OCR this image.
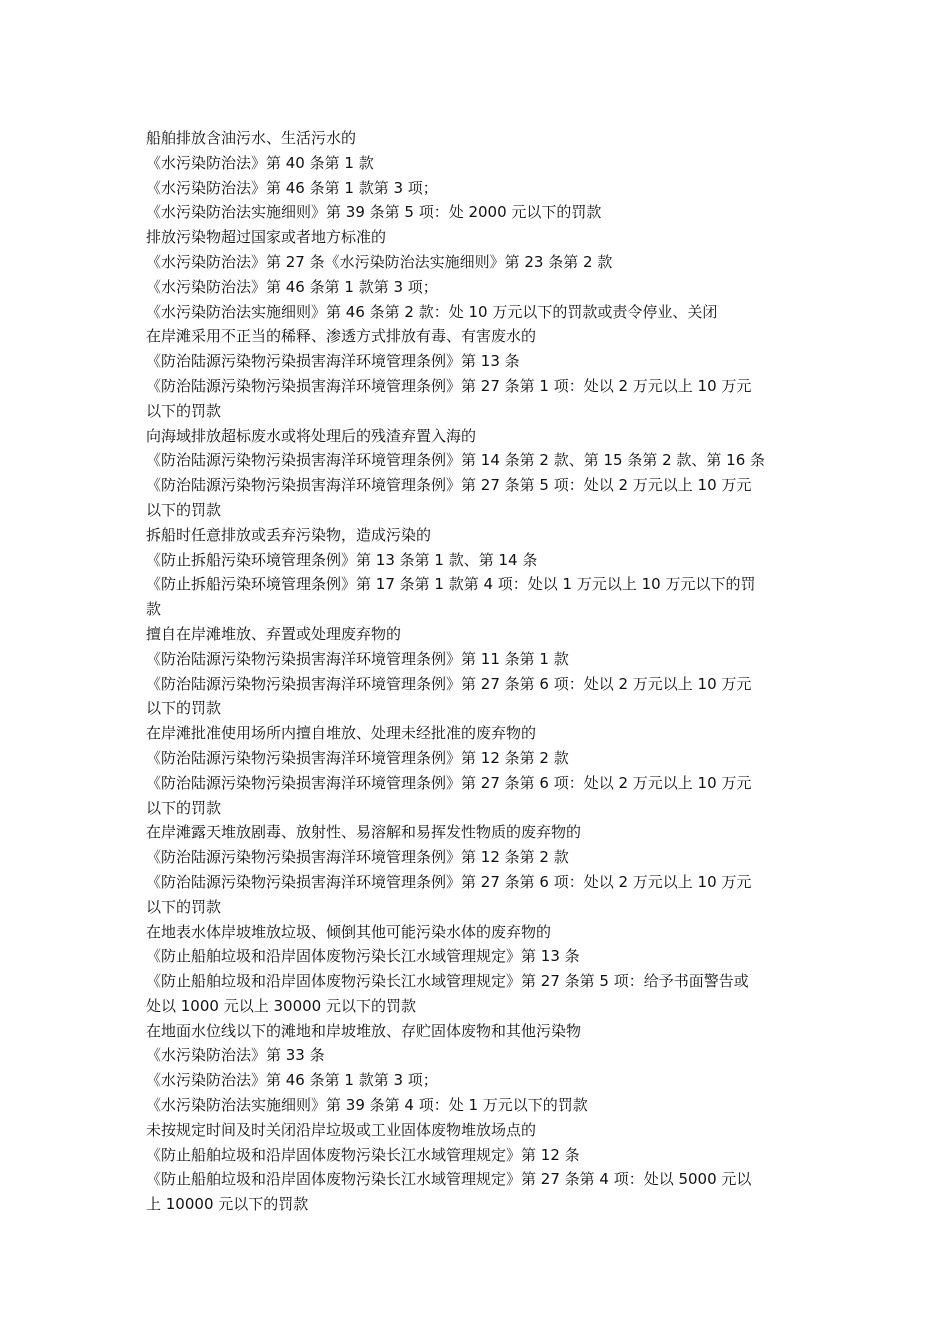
船舶排放含油污水、生活污水的
《水污染防治法》第 40 条第 1 款
《水污染防治法》第 46 条第 1 款第 3 项；
《水污染防治法实施细则》第 39 条第 5 项：处 2000 元以下的罚款
排放污染物超过国家或者地方标准的
《水污染防治法》第 27 条《水污染防治法实施细则》第 23 条第 2 款
《水污染防治法》第 46 条第 1 款第 3 项；
《水污染防治法实施细则》第 46 条第 2 款：处 10 万元以下的罚款或责令停业、关闭
在岸滩采用不正当的稀释、渗透方式排放有毒、有害废水的
《防治陆源污染物污染损害海洋环境管理条例》第 13 条
《防治陆源污染物污染损害海洋环境管理条例》第 27 条第 1 项：处以 2 万元以上 10 万元
以下的罚款
向海域排放超标废水或将处理后的残渣弃置入海的
《防治陆源污染物污染损害海洋环境管理条例》第 14 条第 2 款、第 15 条第 2 款、第 16 条
《防治陆源污染物污染损害海洋环境管理条例》第 27 条第 5 项：处以 2 万元以上 10 万元
以下的罚款
拆船时任意排放或丢弃污染物，造成污染的
《防止拆船污染环境管理条例》第 13 条第 1 款、第 14 条
《防止拆船污染环境管理条例》第 17 条第 1 款第 4 项：处以 1 万元以上 10 万元以下的罚
款
擅自在岸滩堆放、弃置或处理废弃物的
《防治陆源污染物污染损害海洋环境管理条例》第 11 条第 1 款
《防治陆源污染物污染损害海洋环境管理条例》第 27 条第 6 项：处以 2 万元以上 10 万元
以下的罚款
在岸滩批准使用场所内擅自堆放、处理未经批准的废弃物的
《防治陆源污染物污染损害海洋环境管理条例》第 12 条第 2 款
《防治陆源污染物污染损害海洋环境管理条例》第 27 条第 6 项：处以 2 万元以上 10 万元
以下的罚款
在岸滩露天堆放剧毒、放射性、易溶解和易挥发性物质的废弃物的
《防治陆源污染物污染损害海洋环境管理条例》第 12 条第 2 款
《防治陆源污染物污染损害海洋环境管理条例》第 27 条第 6 项：处以 2 万元以上 10 万元
以下的罚款
在地表水体岸坡堆放垃圾、倾倒其他可能污染水体的废弃物的
《防止船舶垃圾和沿岸固体废物污染长江水域管理规定》第 13 条
《防止船舶垃圾和沿岸固体废物污染长江水域管理规定》第 27 条第 5 项：给予书面警告或
处以 1000 元以上 30000 元以下的罚款
在地面水位线以下的滩地和岸坡堆放、存贮固体废物和其他污染物
《水污染防治法》第 33 条
《水污染防治法》第 46 条第 1 款第 3 项；
《水污染防治法实施细则》第 39 条第 4 项：处 1 万元以下的罚款
未按规定时间及时关闭沿岸垃圾或工业固体废物堆放场点的
《防止船舶垃圾和沿岸固体废物污染长江水域管理规定》第 12 条
《防止船舶垃圾和沿岸固体废物污染长江水域管理规定》第 27 条第 4 项：处以 5000 元以
上 10000 元以下的罚款
